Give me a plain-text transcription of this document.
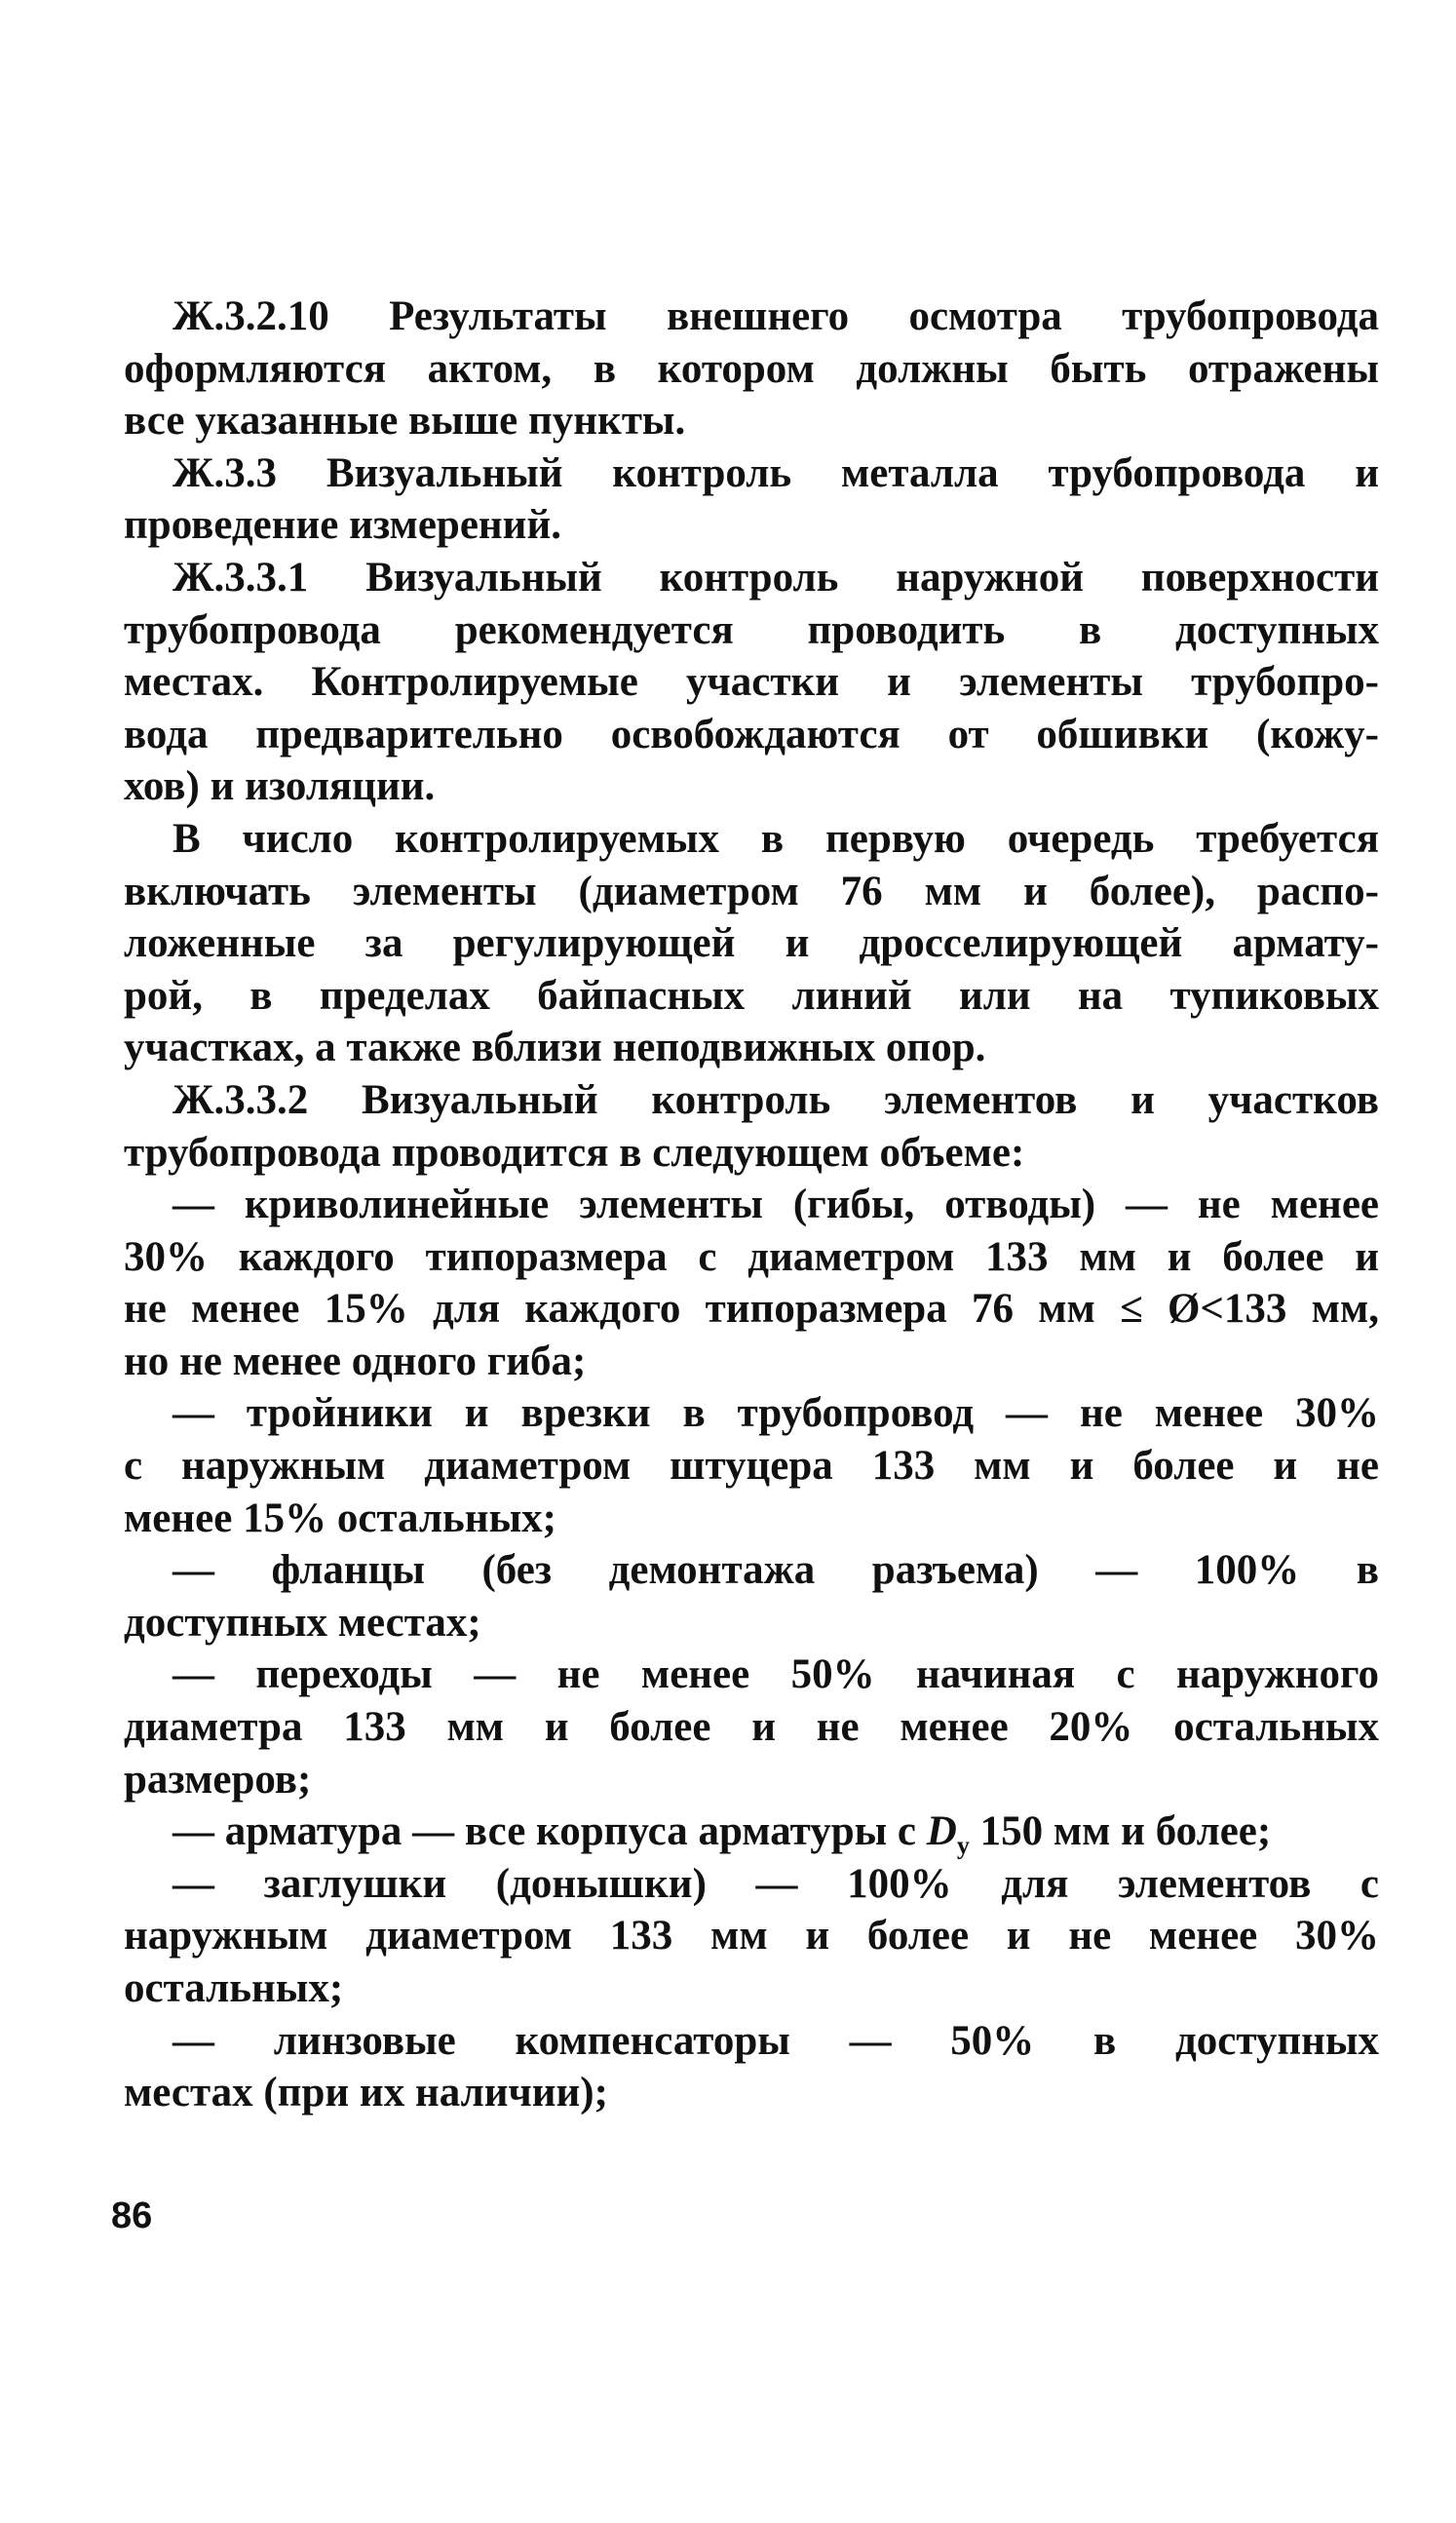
Ж.3.2.10 Результаты внешнего осмотра трубопровода
оформляются актом, в котором должны быть отражены
все указанные выше пункты.
Ж.3.3 Визуальный контроль металла трубопровода и
проведение измерений.
Ж.3.3.1 Визуальный контроль наружной поверхности
трубопровода рекомендуется проводить в доступных
местах. Контролируемые участки и элементы трубопро-
вода предварительно освобождаются от обшивки (кожу-
хов) и изоляции.
В число контролируемых в первую очередь требуется
включать элементы (диаметром 76 мм и более), распо-
ложенные за регулирующей и дросселирующей армату-
рой, в пределах байпасных линий или на тупиковых
участках, а также вблизи неподвижных опор.
Ж.3.3.2 Визуальный контроль элементов и участков
трубопровода проводится в следующем объеме:
— криволинейные элементы (гибы, отводы) — не менее
30% каждого типоразмера с диаметром 133 мм и более и
не менее 15% для каждого типоразмера 76 мм ≤ Ø<133 мм,
но не менее одного гиба;
— тройники и врезки в трубопровод — не менее 30%
с наружным диаметром штуцера 133 мм и более и не
менее 15% остальных;
— фланцы (без демонтажа разъема) — 100% в
доступных местах;
— переходы — не менее 50% начиная с наружного
диаметра 133 мм и более и не менее 20% остальных
размеров;
— арматура — все корпуса арматуры с $D_у$ 150 мм и более;
— заглушки (донышки) — 100% для элементов с
наружным диаметром 133 мм и более и не менее 30%
остальных;
— линзовые компенсаторы — 50% в доступных
местах (при их наличии);
86
